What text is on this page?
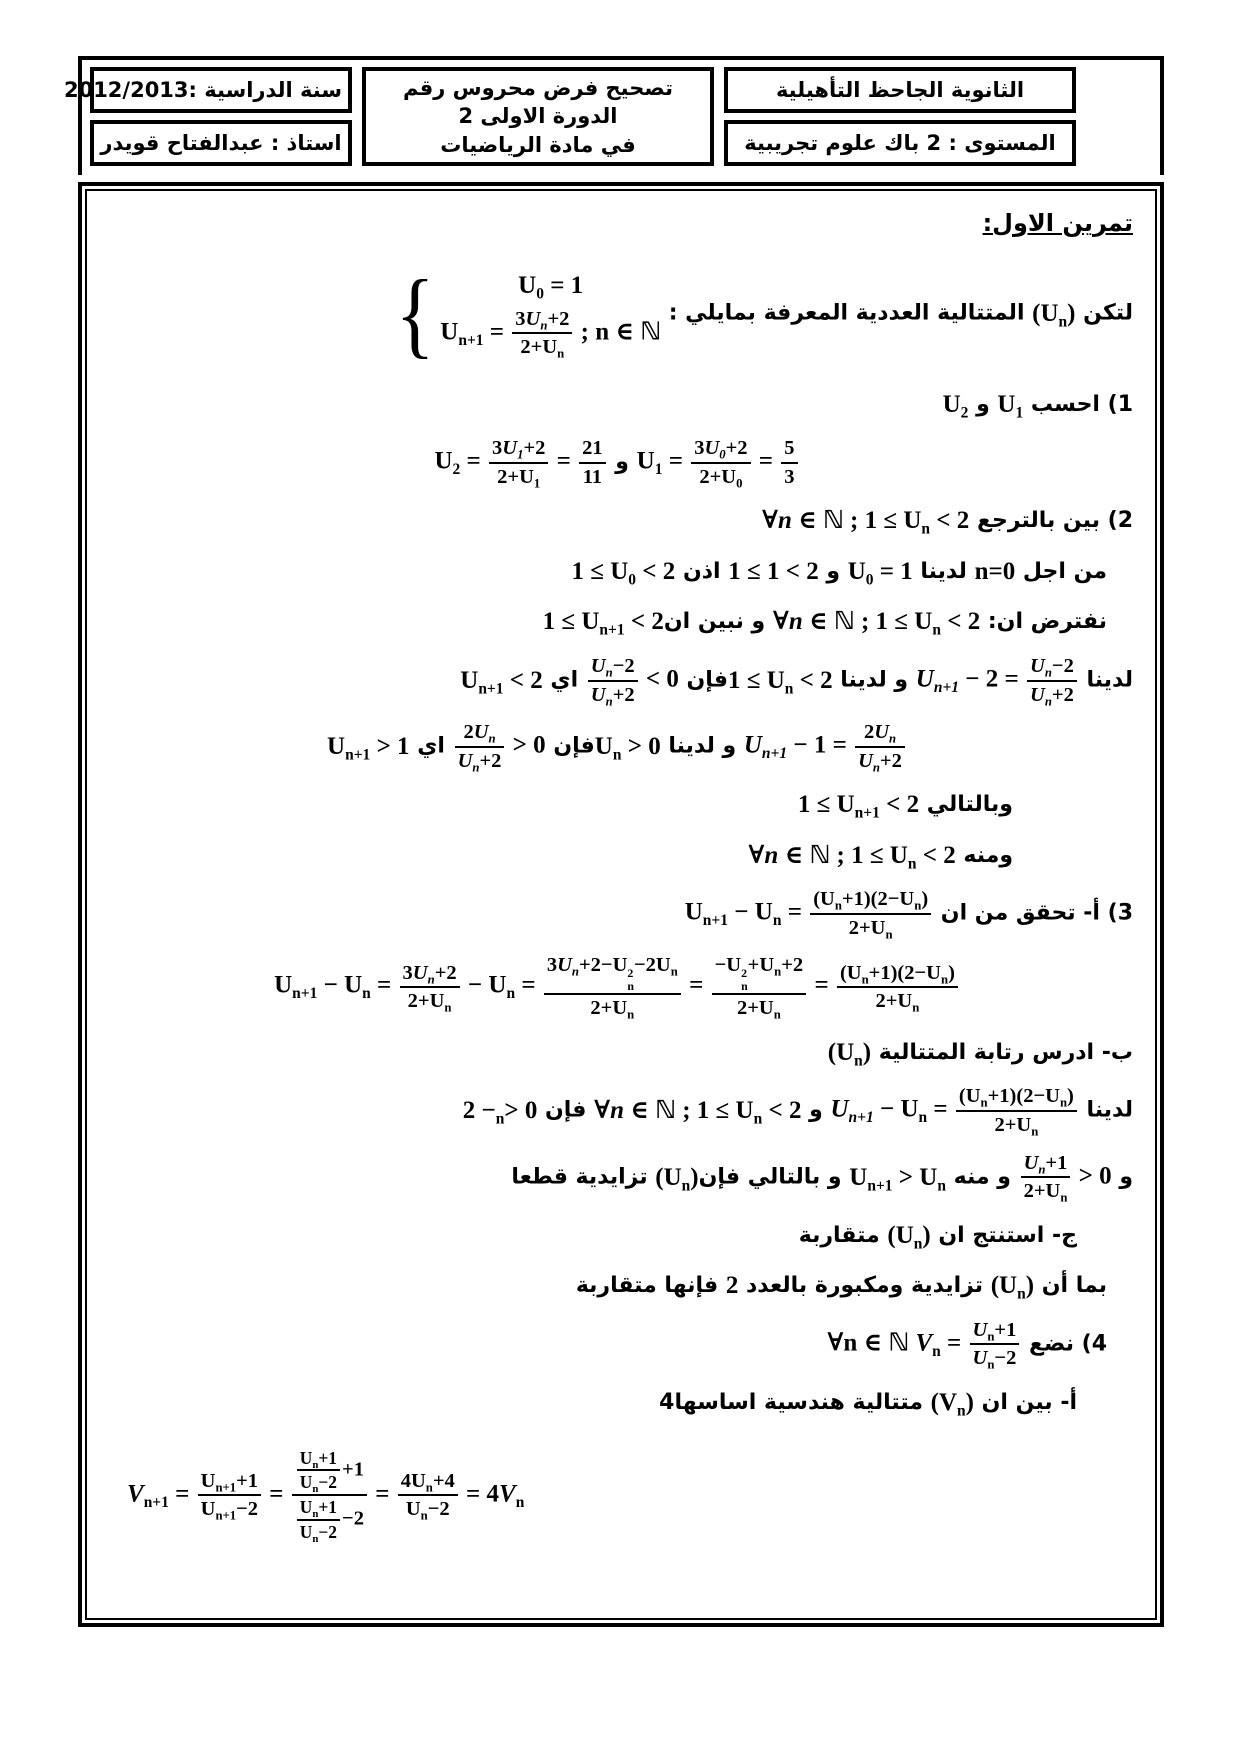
سنة الدراسية :2012/2013
استاذ : عبدالفتاح قويدر
تصحيح فرض محروس رقم
2 الدورة الاولى
في مادة الرياضيات
الثانوية الجاحظ التأهيلية
المستوى : 2 باك علوم تجريبية
تمرين الاول:
لتكن $(U_n)$ المتتالية العددية المعرفة بمايلي : {	$U_0 = 1$
$U_{n+1} = \frac{3U_n+2}{2+U_n}$ ; n ∈ ℕ
1) احسب $U_1$ و $U_2$
$U_1 = \frac{3U_0+2}{2+U_0} = \frac{5}{3}$
و $U_2 = \frac{3U_1+2}{2+U_1} = \frac{21}{11}$
2) بين بالترجع ∀n ∈ ℕ ; $1 \le U_n < 2$
من اجل n=0 لدينا $U_0 = 1$ و 1 ≤ 1 < 2 اذن $1 \le U_0 < 2$
نفترض ان: ∀n ∈ ℕ ; $1 \le U_n < 2$ و نبين ان1 ≤ $U_{n+1} < 2$
لدينا $U_{n+1} - 2 = \frac{U_n-2}{U_n+2}$
و لدينا $1 \le U_n$ < 2فإن
$\frac{U_n-2}{U_n+2} < 0$ اي $U_{n+1} < 2$
$U_{n+1} - 1 = \frac{2U_n}{U_n+2}$
و لدينا $U_n$ > 0فإن
$\frac{2U_n}{U_n+2} > 0$ اي $U_{n+1} > 1$
وبالتالي $1 \le U_{n+1} < 2$
ومنه ∀n ∈ ℕ ; $1 \le U_n < 2$
3) أ- تحقق من ان $U_{n+1} - U_n = \frac{(U_n+1)(2-U_n)}{2+U_n}$
$U_{n+1} - U_n = \frac{3U_n+2}{2+U_n} - U_n = 3U_n+2-U$ 2
n
$-2U_n$
$2+U_n = -U$ 2
n
$+U_n+2$
$2+U_n = \frac{(U_n+1)(2-U_n)}{2+U_n}$
ب- ادرس رتابة المتتالية $(U_n)$
لدينا $U_{n+1} - U_n = \frac{(U_n+1)(2-U_n)}{2+U_n}$
و ∀n ∈ ℕ ; $1 \le U_n < 2$ فإن $2 -_n> 0$
و
$\frac{U_n+1}{2+U_n} > 0$ و منه $U_{n+1} > U_n$ و بالتالي $فإن(U_n)$ تزايدية قطعا
ج- استنتج ان $(U_n)$ متقاربة
بما أن $(U_n)$ تزايدية ومكبورة بالعدد 2 فإنها متقاربة
4) نضع ∀n ∈ ℕ $V_n = \frac{U_n+1}{U_n-2}$
أ- بين ان $(V_n)$ متتالية هندسية اساسها4
$V_{n+1} = \frac{U_{n+1}+1}{U_{n+1}-2} = \frac{\frac{U_n+1}{U_n-2} +1}{\frac{U_n+1}{U_n-2} -2} = \frac{4U_n+4}{U_n-2} = 4V_n$
